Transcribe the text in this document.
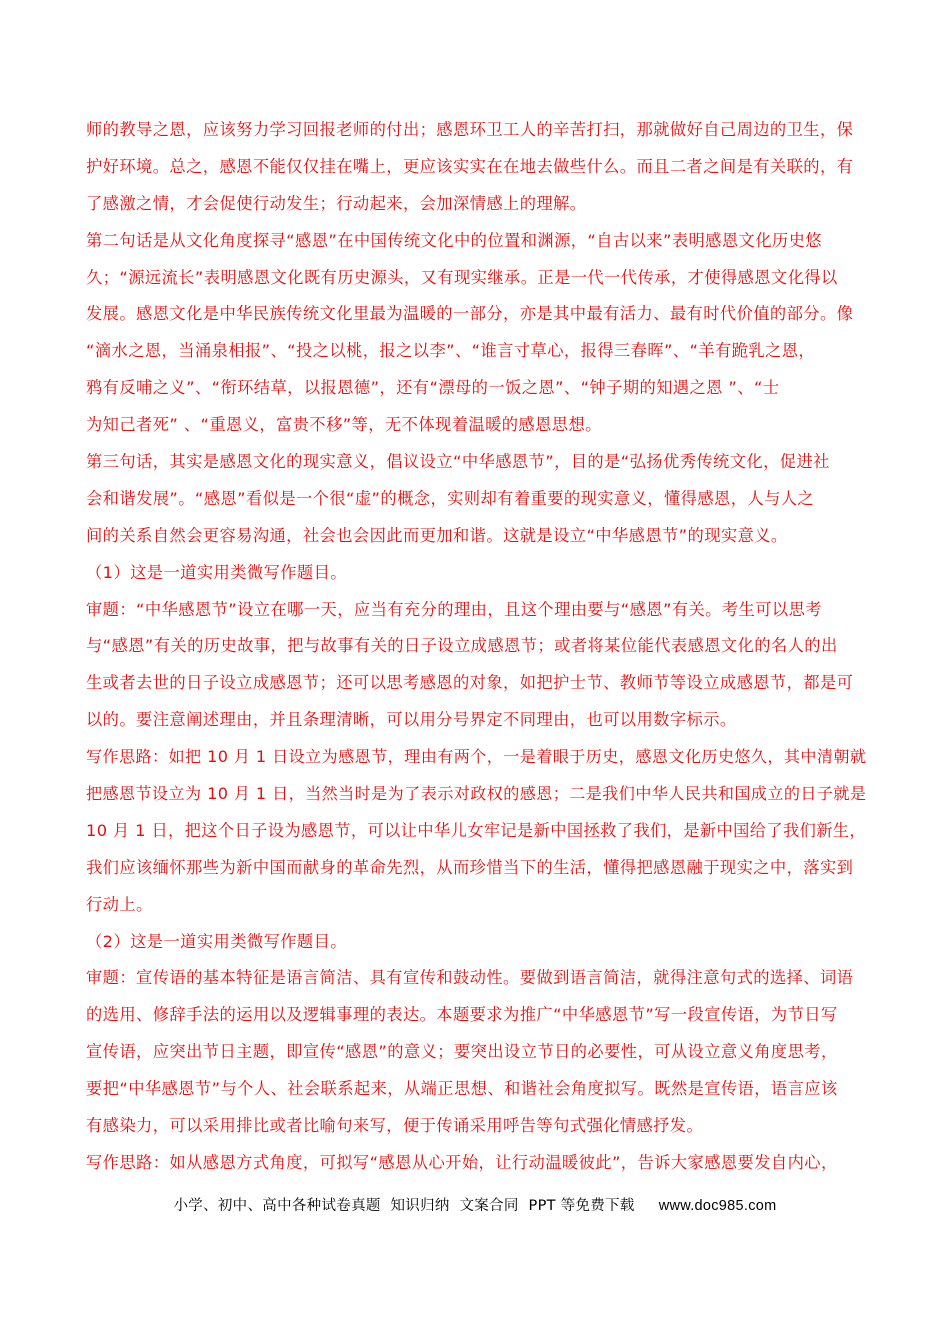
师的教导之恩，应该努力学习回报老师的付出；感恩环卫工人的辛苦打扫，那就做好自己周边的卫生，保
护好环境。总之，感恩不能仅仅挂在嘴上，更应该实实在在地去做些什么。而且二者之间是有关联的，有
了感激之情，才会促使行动发生；行动起来，会加深情感上的理解。
第二句话是从文化角度探寻“感恩”在中国传统文化中的位置和渊源，“自古以来”表明感恩文化历史悠
久；“源远流长”表明感恩文化既有历史源头，又有现实继承。正是一代一代传承，才使得感恩文化得以
发展。感恩文化是中华民族传统文化里最为温暖的一部分，亦是其中最有活力、最有时代价值的部分。像
“滴水之恩，当涌泉相报”、“投之以桃，报之以李”、“谁言寸草心，报得三春晖”、“羊有跪乳之恩，
鸦有反哺之义”、“衔环结草，以报恩德”，还有“漂母的一饭之恩”、“钟子期的知遇之恩 ”、“士
为知己者死” 、“重恩义，富贵不移”等，无不体现着温暖的感恩思想。
第三句话，其实是感恩文化的现实意义，倡议设立“中华感恩节”，目的是“弘扬优秀传统文化，促进社
会和谐发展”。“感恩”看似是一个很“虚”的概念，实则却有着重要的现实意义，懂得感恩，人与人之
间的关系自然会更容易沟通，社会也会因此而更加和谐。这就是设立“中华感恩节”的现实意义。
（1）这是一道实用类微写作题目。
审题：“中华感恩节”设立在哪一天，应当有充分的理由，且这个理由要与“感恩”有关。考生可以思考
与“感恩”有关的历史故事，把与故事有关的日子设立成感恩节；或者将某位能代表感恩文化的名人的出
生或者去世的日子设立成感恩节；还可以思考感恩的对象，如把护士节、教师节等设立成感恩节，都是可
以的。要注意阐述理由，并且条理清晰，可以用分号界定不同理由，也可以用数字标示。
写作思路：如把 10 月 1 日设立为感恩节，理由有两个，一是着眼于历史，感恩文化历史悠久，其中清朝就
把感恩节设立为 10 月 1 日，当然当时是为了表示对政权的感恩；二是我们中华人民共和国成立的日子就是
10 月 1 日，把这个日子设为感恩节，可以让中华儿女牢记是新中国拯救了我们，是新中国给了我们新生，
我们应该缅怀那些为新中国而献身的革命先烈，从而珍惜当下的生活，懂得把感恩融于现实之中，落实到
行动上。
（2）这是一道实用类微写作题目。
审题：宣传语的基本特征是语言简洁、具有宣传和鼓动性。要做到语言简洁，就得注意句式的选择、词语
的选用、修辞手法的运用以及逻辑事理的表达。本题要求为推广“中华感恩节”写一段宣传语，为节日写
宣传语，应突出节日主题，即宣传“感恩”的意义；要突出设立节日的必要性，可从设立意义角度思考，
要把“中华感恩节”与个人、社会联系起来，从端正思想、和谐社会角度拟写。既然是宣传语，语言应该
有感染力，可以采用排比或者比喻句来写，便于传诵采用呼告等句式强化情感抒发。
写作思路：如从感恩方式角度，可拟写“感恩从心开始，让行动温暖彼此”，告诉大家感恩要发自内心，
小学、初中、高中各种试卷真题  知识归纳  文案合同  PPT 等免费下载 www.doc985.com
